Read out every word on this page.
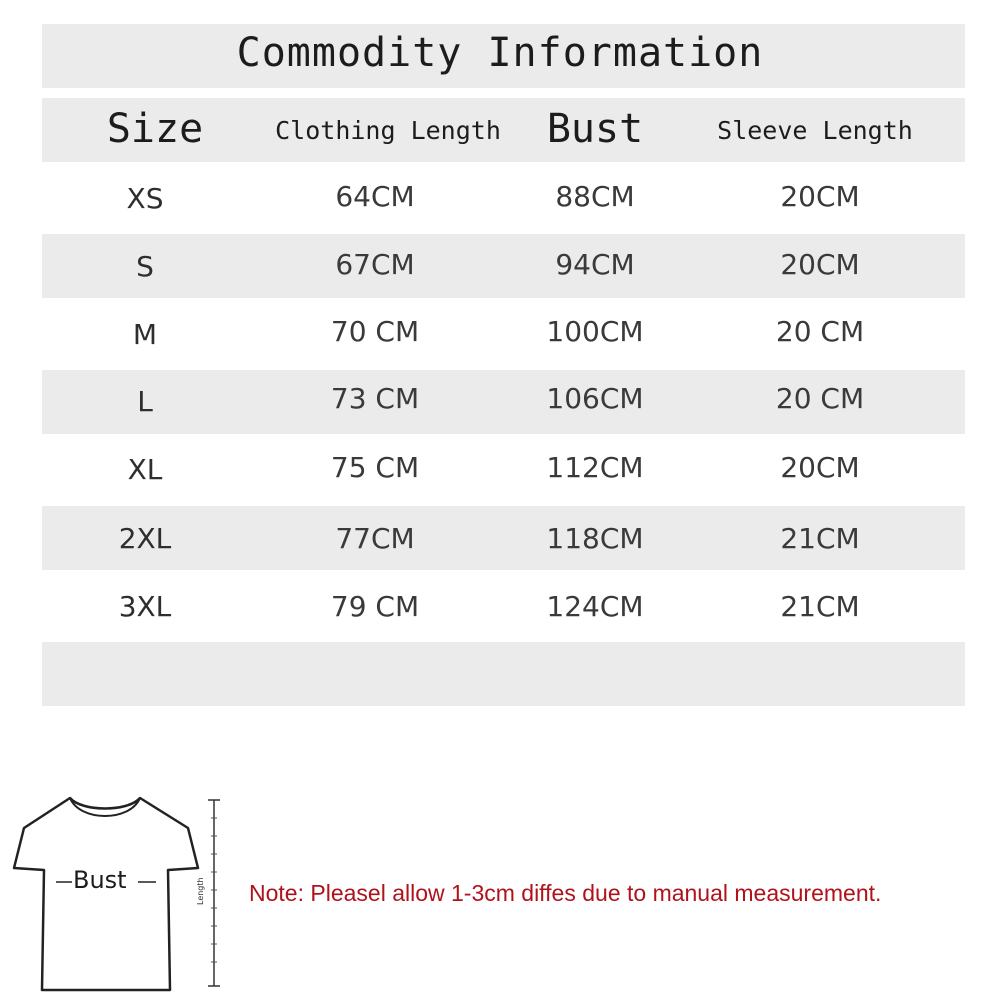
Commodity Information
Size	Clothing Length	Bust	Sleeve Length
XS	64CM	88CM	20CM
S	67CM	94CM	20CM
M	70 CM	100CM	20 CM
L	73 CM	106CM	20 CM
XL	75 CM	112CM	20CM
2XL	77CM	118CM	21CM
3XL	79 CM	124CM	21CM
Bust	Length Note: Pleasel allow 1-3cm diffes due to manual measurement.
